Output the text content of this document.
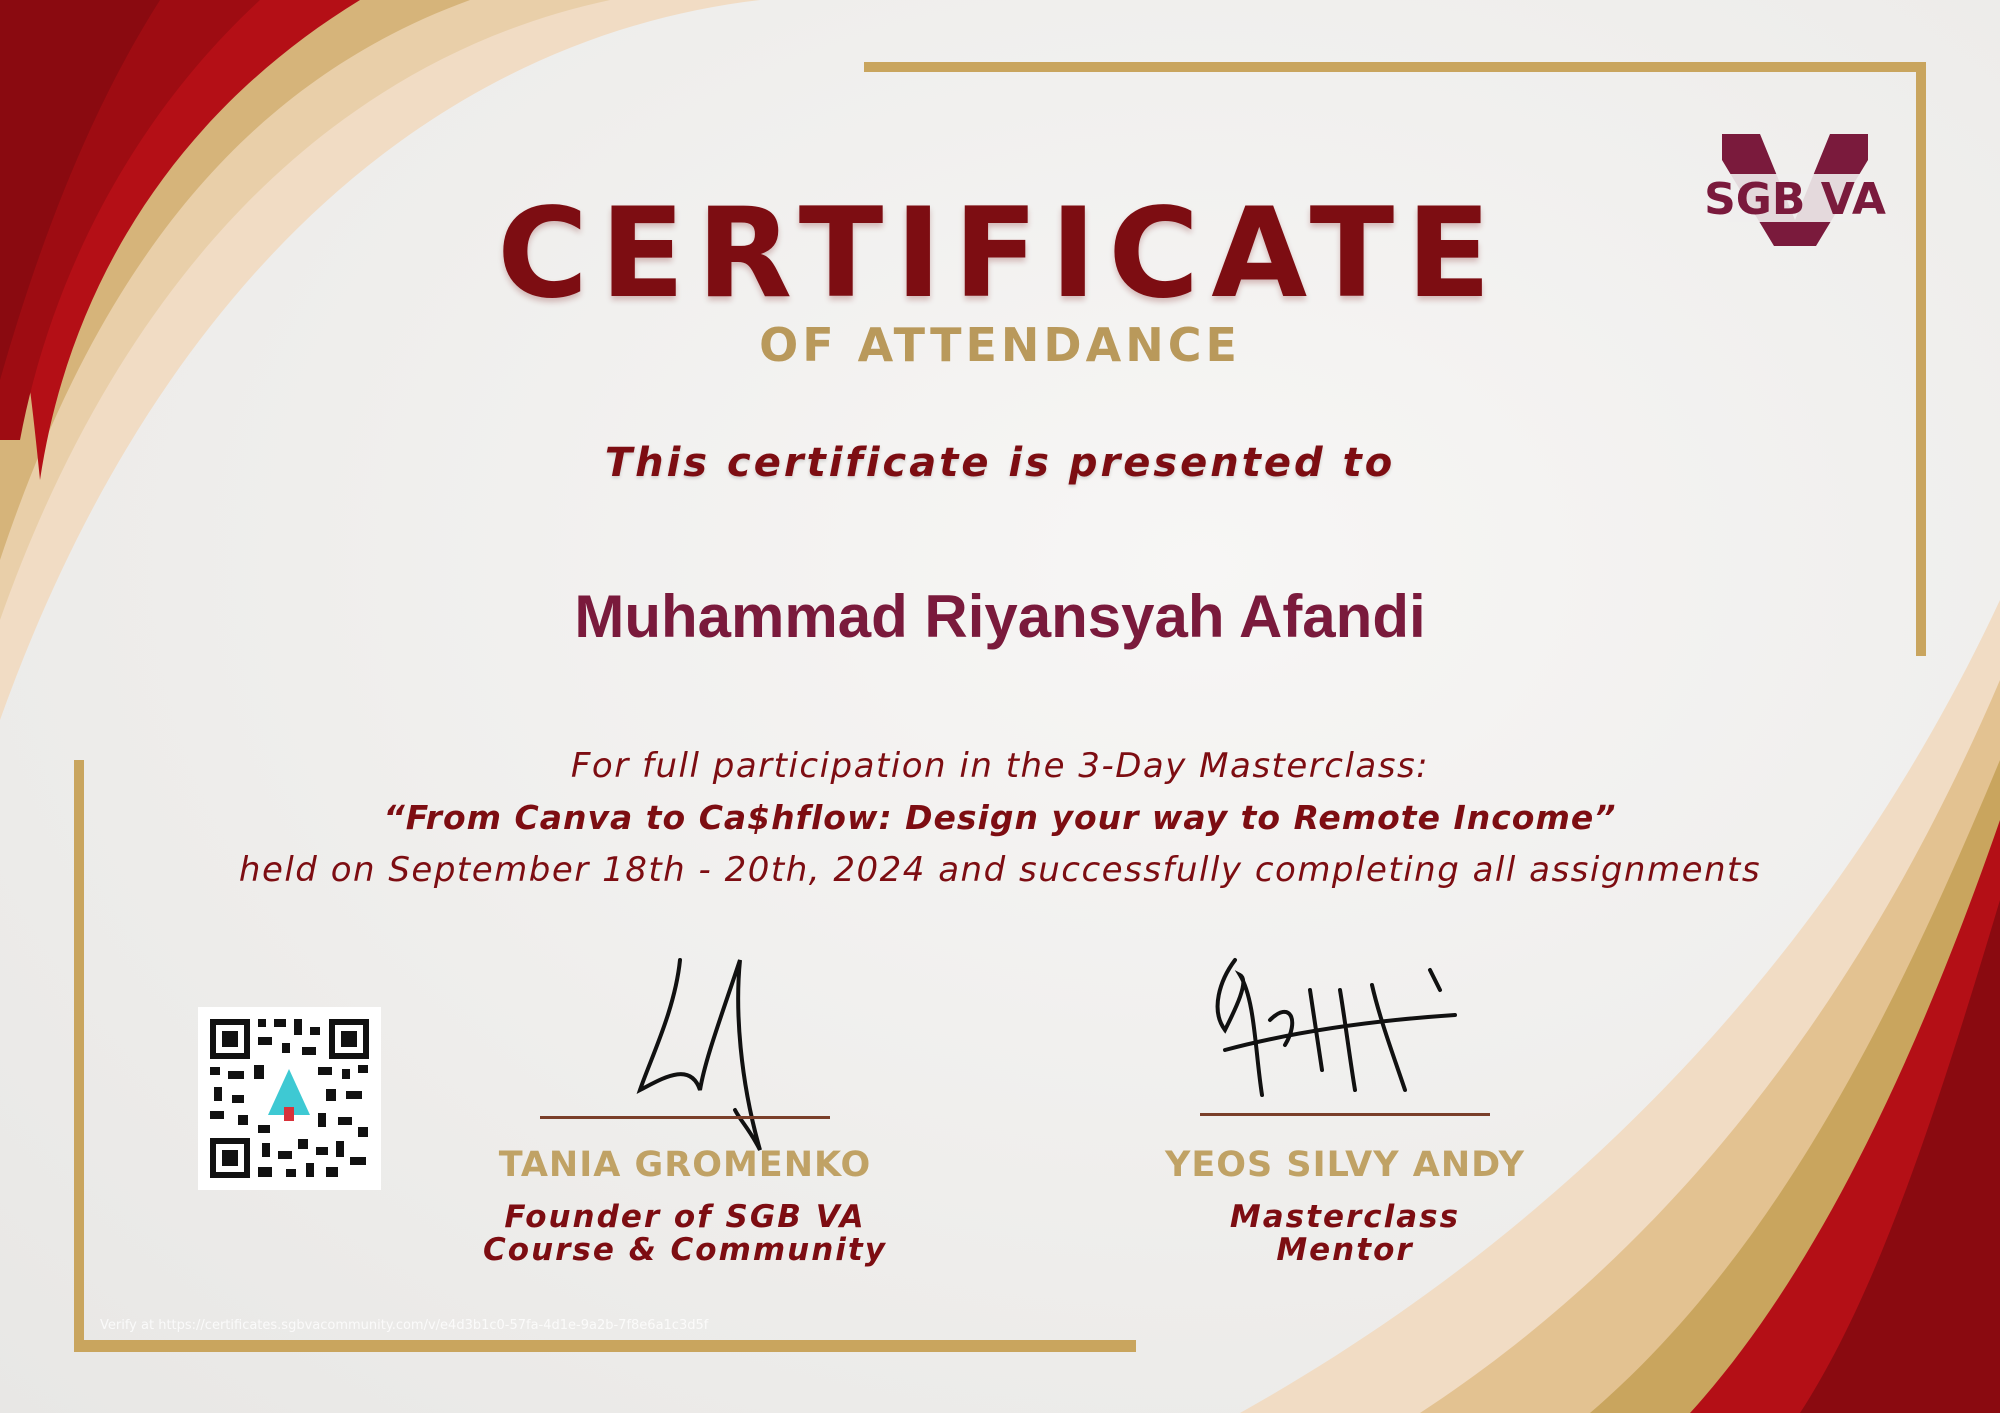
SGB VA
CERTIFICATE
OF ATTENDANCE
This certificate is presented to
Muhammad Riyansyah Afandi
For full participation in the 3-Day Masterclass:
“From Canva to Ca$hflow: Design your way to Remote Income”
held on September 18th - 20th, 2024 and successfully completing all assignments
TANIA GROMENKO
Founder of SGB VA
Course & Community
YEOS SILVY ANDY
Masterclass
Mentor
Verify at https://certificates.sgbvacommunity.com/v/e4d3b1c0-57fa-4d1e-9a2b-7f8e6a1c3d5f
